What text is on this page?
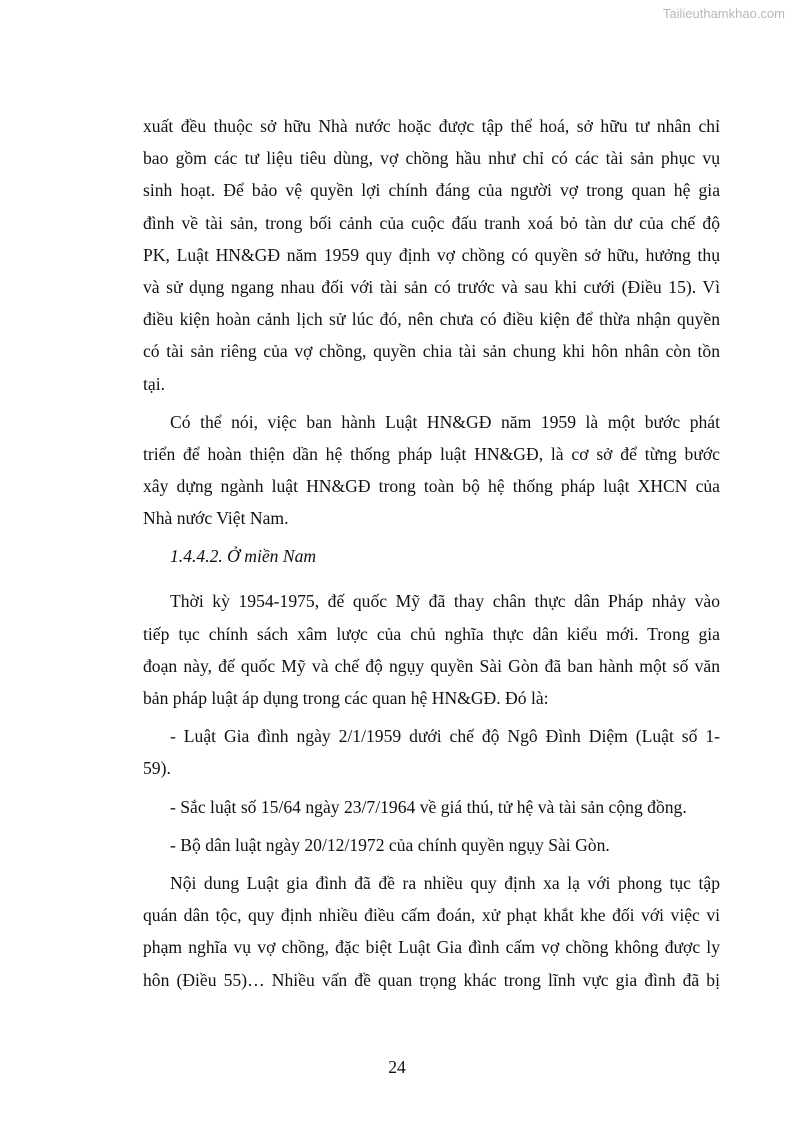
Tailieuthamkhao.com
xuất đều thuộc sở hữu Nhà nước hoặc được tập thể hoá, sở hữu tư nhân chỉ
bao gồm các tư liệu tiêu dùng, vợ chồng hầu như chỉ có các tài sản phục vụ
sinh hoạt. Để bảo vệ quyền lợi chính đáng của người vợ trong quan hệ gia
đình về tài sản, trong bối cảnh của cuộc đấu tranh xoá bỏ tàn dư của chế độ
PK, Luật HN&GĐ năm 1959 quy định vợ chồng có quyền sở hữu, hưởng thụ
và sử dụng ngang nhau đối với tài sản có trước và sau khi cưới (Điều 15). Vì
điều kiện hoàn cảnh lịch sử lúc đó, nên chưa có điều kiện để thừa nhận quyền
có tài sản riêng của vợ chồng, quyền chia tài sản chung khi hôn nhân còn tồn
tại.
Có thể nói, việc ban hành Luật HN&GĐ năm 1959 là một bước phát
triển để hoàn thiện dần hệ thống pháp luật HN&GĐ, là cơ sở để từng bước
xây dựng ngành luật HN&GĐ trong toàn bộ hệ thống pháp luật XHCN của
Nhà nước Việt Nam.
1.4.4.2. Ở miền Nam
Thời kỳ 1954-1975, đế quốc Mỹ đã thay chân thực dân Pháp nhảy vào
tiếp tục chính sách xâm lược của chủ nghĩa thực dân kiểu mới. Trong gia
đoạn này, đế quốc Mỹ và chế độ ngụy quyền Sài Gòn đã ban hành một số văn
bản pháp luật áp dụng trong các quan hệ HN&GĐ. Đó là:
- Luật Gia đình ngày 2/1/1959 dưới chế độ Ngô Đình Diệm (Luật số 1-
59).
- Sắc luật số 15/64 ngày 23/7/1964 về giá thú, tử hệ và tài sản cộng đồng.
- Bộ dân luật ngày 20/12/1972 của chính quyền ngụy Sài Gòn.
Nội dung Luật gia đình đã đề ra nhiều quy định xa lạ với phong tục tập
quán dân tộc, quy định nhiều điều cấm đoán, xử phạt khắt khe đối với việc vi
phạm nghĩa vụ vợ chồng, đặc biệt Luật Gia đình cấm vợ chồng không được ly
hôn (Điều 55)… Nhiều vấn đề quan trọng khác trong lĩnh vực gia đình đã bị
24
